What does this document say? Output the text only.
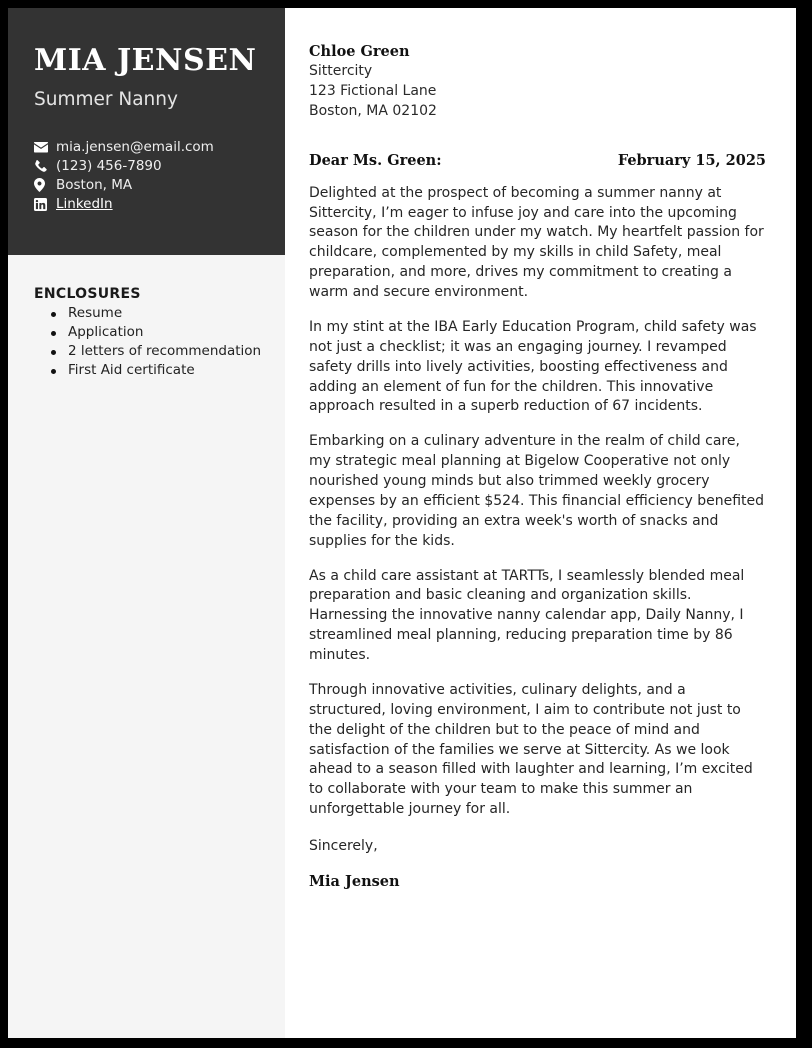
MIA JENSEN
Summer Nanny
mia.jensen@email.com
(123) 456-7890
Boston, MA
LinkedIn
ENCLOSURES
Resume
Application
2 letters of recommendation
First Aid certificate
Chloe Green
Sittercity
123 Fictional Lane
Boston, MA 02102
Dear Ms. Green:	February 15, 2025

Delighted at the prospect of becoming a summer nanny at Sittercity, I’m eager to infuse joy and care into the upcoming season for the children under my watch. My heartfelt passion for childcare, complemented by my skills in child Safety, meal preparation, and more, drives my commitment to creating a warm and secure environment.

In my stint at the IBA Early Education Program, child safety was not just a checklist; it was an engaging journey. I revamped safety drills into lively activities, boosting effectiveness and adding an element of fun for the children. This innovative approach resulted in a superb reduction of 67 incidents.

Embarking on a culinary adventure in the realm of child care, my strategic meal planning at Bigelow Cooperative not only nourished young minds but also trimmed weekly grocery expenses by an efficient $524. This financial efficiency benefited the facility, providing an extra week's worth of snacks and supplies for the kids.

As a child care assistant at TARTTs, I seamlessly blended meal preparation and basic cleaning and organization skills. Harnessing the innovative nanny calendar app, Daily Nanny, I streamlined meal planning, reducing preparation time by 86 minutes.

Through innovative activities, culinary delights, and a structured, loving environment, I aim to contribute not just to the delight of the children but to the peace of mind and satisfaction of the families we serve at Sittercity. As we look ahead to a season filled with laughter and learning, I’m excited to collaborate with your team to make this summer an unforgettable journey for all.

Sincerely,
Mia Jensen
